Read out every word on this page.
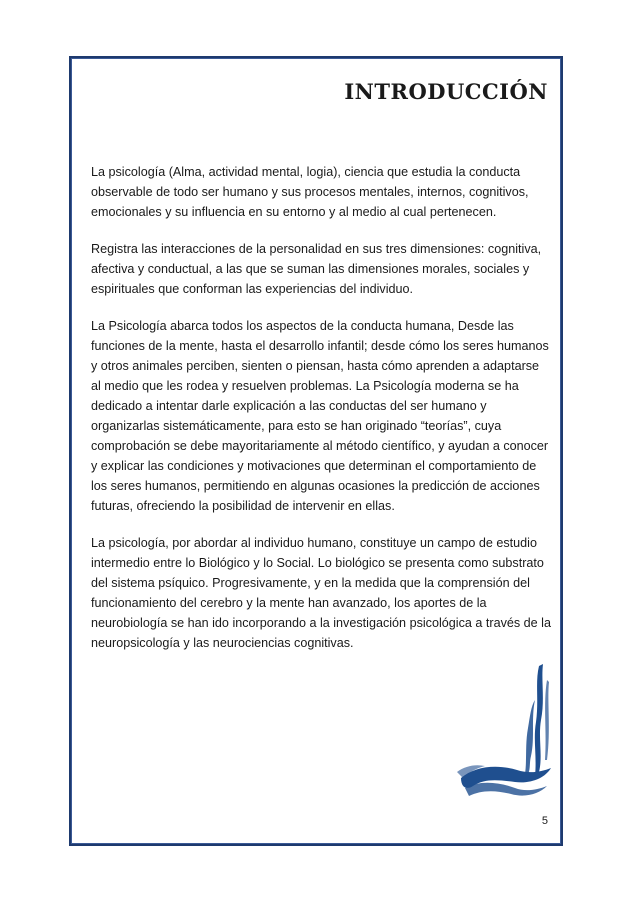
INTRODUCCIÓN

La psicología (Alma, actividad mental, logia), ciencia que estudia la conducta observable de todo ser humano y sus procesos mentales, internos, cognitivos, emocionales y su influencia en su entorno y al medio al cual pertenecen.

Registra las interacciones de la personalidad en sus tres dimensiones: cognitiva, afectiva y conductual, a las que se suman las dimensiones morales, sociales y espirituales que conforman las experiencias del individuo.

La Psicología abarca todos los aspectos de la conducta humana, Desde las funciones de la mente, hasta el desarrollo infantil; desde cómo los seres humanos y otros animales perciben, sienten o piensan, hasta cómo aprenden a adaptarse al medio que les rodea y resuelven problemas. La Psicología moderna se ha dedicado a intentar darle explicación a las conductas del ser humano y organizarlas sistemáticamente, para esto se han originado “teorías”, cuya comprobación se debe mayoritariamente al método científico, y ayudan a conocer y explicar las condiciones y motivaciones que determinan el comportamiento de los seres humanos, permitiendo en algunas ocasiones la predicción de acciones futuras, ofreciendo la posibilidad de intervenir en ellas.

La psicología, por abordar al individuo humano, constituye un campo de estudio intermedio entre lo Biológico y lo Social. Lo biológico se presenta como substrato del sistema psíquico. Progresivamente, y en la medida que la comprensión del funcionamiento del cerebro y la mente han avanzado, los aportes de la neurobiología se han ido incorporando a la investigación psicológica a través de la neuropsicología y las neurociencias cognitivas.

5
